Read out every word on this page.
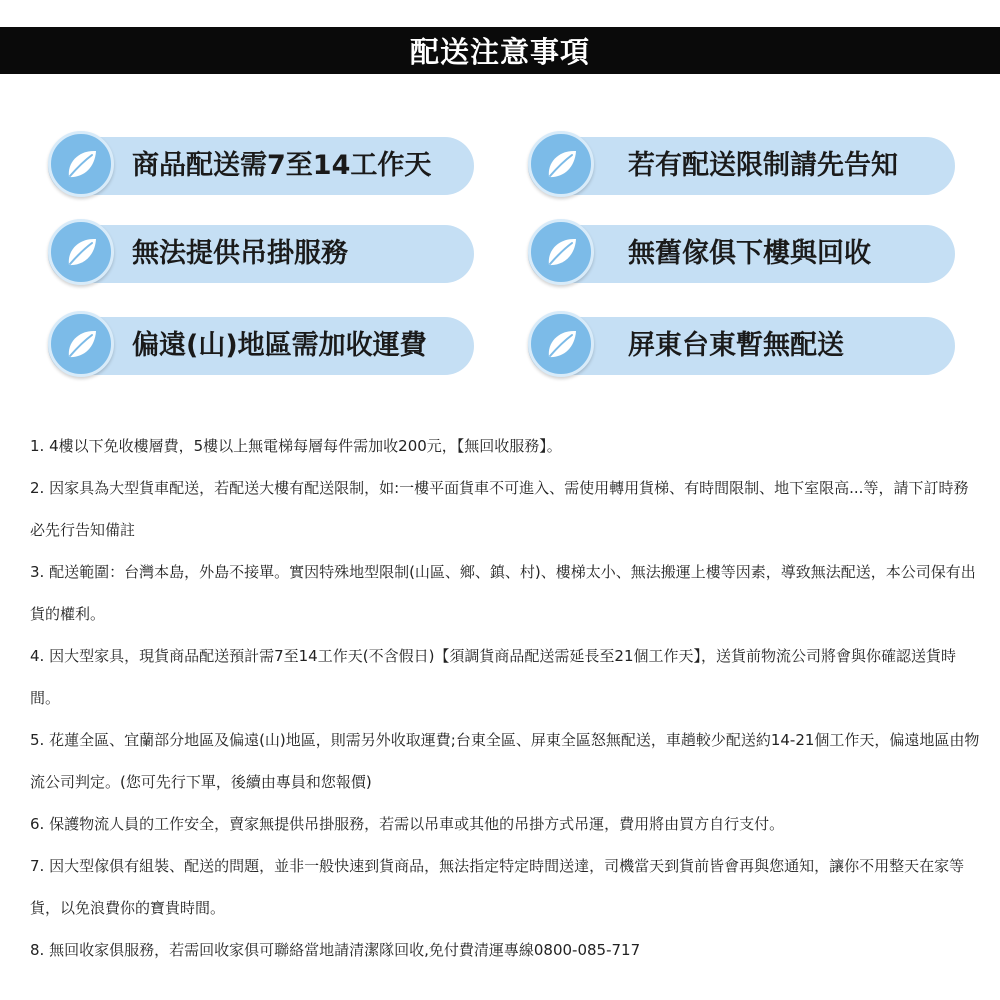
配送注意事項
商品配送需7至14工作天	若有配送限制請先告知
無法提供吊掛服務	無舊傢俱下樓與回收
偏遠(山)地區需加收運費	屏東台東暫無配送

1. 4樓以下免收樓層費，5樓以上無電梯每層每件需加收200元，【無回收服務】。

2. 因家具為大型貨車配送，若配送大樓有配送限制，如:一樓平面貨車不可進入、需使用轉用貨梯、有時間限制、地下室限高...等，請下訂時務必先行告知備註

3. 配送範圍：台灣本島，外島不接單。實因特殊地型限制(山區、鄉、鎮、村)、樓梯太小、無法搬運上樓等因素，導致無法配送，本公司保有出貨的權利。

4. 因大型家具，現貨商品配送預計需7至14工作天(不含假日)【須調貨商品配送需延長至21個工作天】，送貨前物流公司將會與你確認送貨時間。

5. 花蓮全區、宜蘭部分地區及偏遠(山)地區，則需另外收取運費;台東全區、屏東全區怒無配送，車趟較少配送約14-21個工作天，偏遠地區由物流公司判定。(您可先行下單，後續由專員和您報價)

6. 保護物流人員的工作安全，賣家無提供吊掛服務，若需以吊車或其他的吊掛方式吊運，費用將由買方自行支付。

7. 因大型傢俱有組裝、配送的問題，並非一般快速到貨商品，無法指定特定時間送達，司機當天到貨前皆會再與您通知，讓你不用整天在家等貨，以免浪費你的寶貴時間。

8. 無回收家俱服務，若需回收家俱可聯絡當地請清潔隊回收,免付費清運專線0800-085-717
